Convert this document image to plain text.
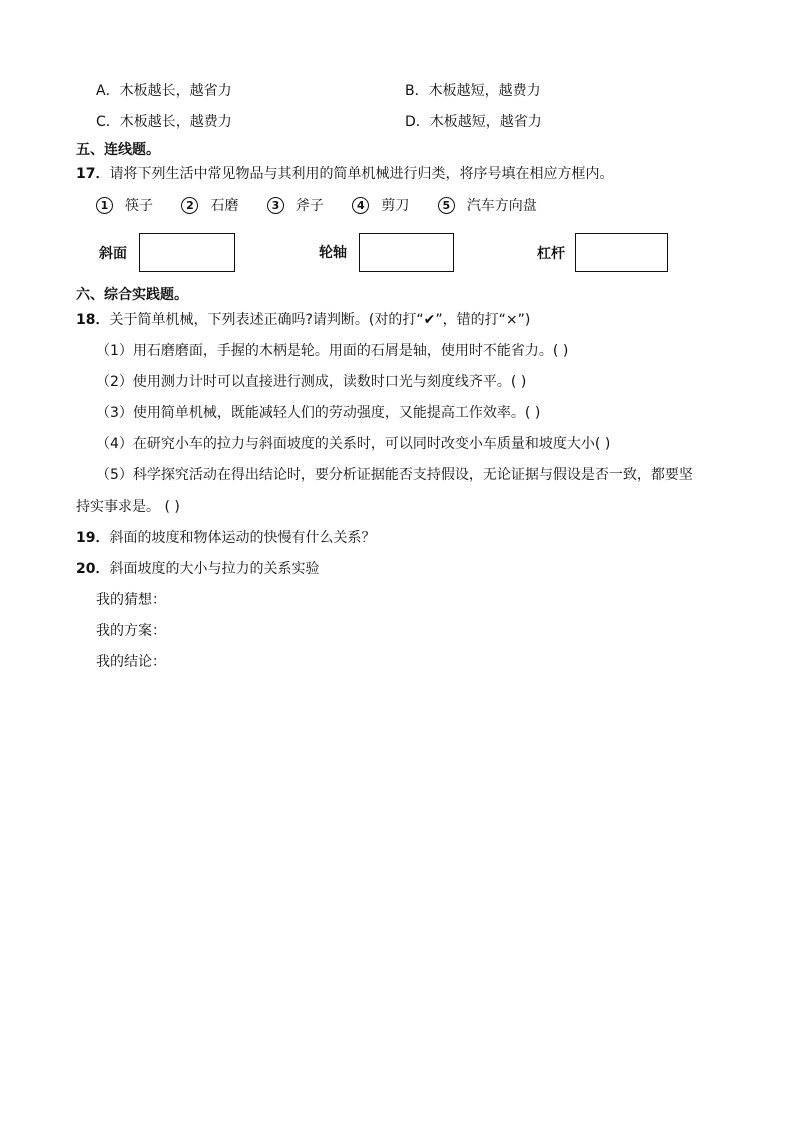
A．木板越长，越省力	B．木板越短，越费力
C．木板越长，越费力	D．木板越短，越省力
五、连线题。
17．请将下列生活中常见物品与其利用的简单机械进行归类，将序号填在相应方框内。
1 筷子	2 石磨	3 斧子	4 剪刀	5 汽车方向盘
斜面	轮轴	杠杆
六、综合实践题。
18．关于简单机械，下列表述正确吗?请判断。(对的打“✔”，错的打“×”)
（1）用石磨磨面，手握的木柄是轮。用面的石屑是轴，使用时不能省力。( )
（2）使用测力计时可以直接进行测成，读数时口光与刻度线齐平。( )
（3）使用简单机械，既能减轻人们的劳动强度，又能提高工作效率。( )
（4）在研究小车的拉力与斜面坡度的关系时，可以同时改变小车质量和坡度大小( )
（5）科学探究活动在得出结论时，要分析证据能否支持假设，无论证据与假设是否一致，都要坚
持实事求是。 ( )
19．斜面的坡度和物体运动的快慢有什么关系？
20．斜面坡度的大小与拉力的关系实验
我的猜想：
我的方案：
我的结论：
